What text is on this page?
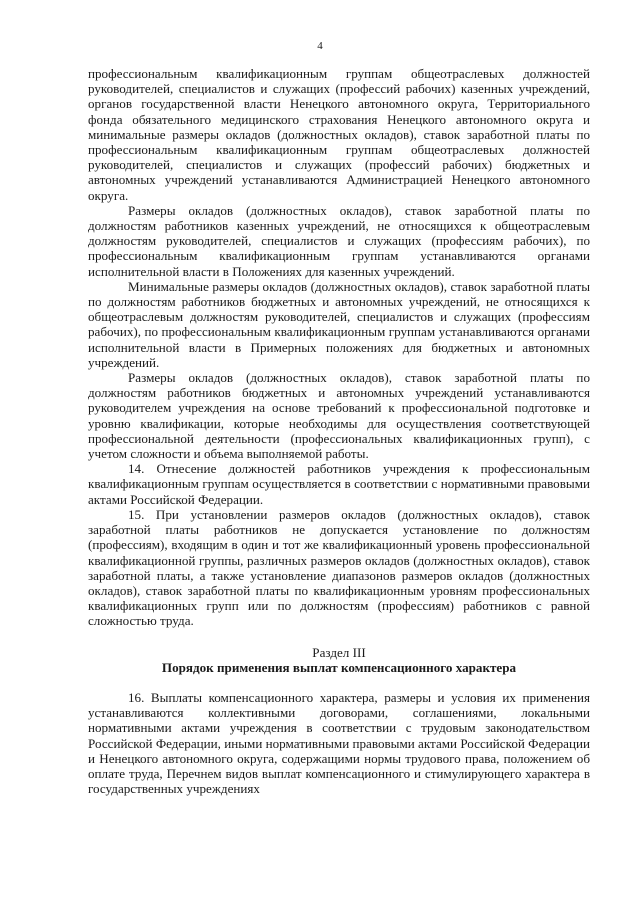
4

профессиональным квалификационным группам общеотраслевых должностей руководителей, специалистов и служащих (профессий рабочих) казенных учреждений, органов государственной власти Ненецкого автономного округа, Территориального фонда обязательного медицинского страхования Ненецкого автономного округа и минимальные размеры окладов (должностных окладов), ставок заработной платы по профессиональным квалификационным группам общеотраслевых должностей руководителей, специалистов и служащих (профессий рабочих) бюджетных и автономных учреждений устанавливаются Администрацией Ненецкого автономного округа.

Размеры окладов (должностных окладов), ставок заработной платы по должностям работников казенных учреждений, не относящихся к общеотраслевым должностям руководителей, специалистов и служащих (профессиям рабочих), по профессиональным квалификационным группам устанавливаются органами исполнительной власти в Положениях для казенных учреждений.

Минимальные размеры окладов (должностных окладов), ставок заработной платы по должностям работников бюджетных и автономных учреждений, не относящихся к общеотраслевым должностям руководителей, специалистов и служащих (профессиям рабочих), по профессиональным квалификационным группам устанавливаются органами исполнительной власти в Примерных положениях для бюджетных и автономных учреждений.

Размеры окладов (должностных окладов), ставок заработной платы по должностям работников бюджетных и автономных учреждений устанавливаются руководителем учреждения на основе требований к профессиональной подготовке и уровню квалификации, которые необходимы для осуществления соответствующей профессиональной деятельности (профессиональных квалификационных групп), с учетом сложности и объема выполняемой работы.

14. Отнесение должностей работников учреждения к профессиональным квалификационным группам осуществляется в соответствии с нормативными правовыми актами Российской Федерации.

15. При установлении размеров окладов (должностных окладов), ставок заработной платы работников не допускается установление по должностям (профессиям), входящим в один и тот же квалификационный уровень профессиональной квалификационной группы, различных размеров окладов (должностных окладов), ставок заработной платы, а также установление диапазонов размеров окладов (должностных окладов), ставок заработной платы по квалификационным уровням профессиональных квалификационных групп или по должностям (профессиям) работников с равной сложностью труда.

Раздел III

Порядок применения выплат компенсационного характера

16. Выплаты компенсационного характера, размеры и условия их применения устанавливаются коллективными договорами, соглашениями, локальными нормативными актами учреждения в соответствии с трудовым законодательством Российской Федерации, иными нормативными правовыми актами Российской Федерации и Ненецкого автономного округа, содержащими нормы трудового права, положением об оплате труда, Перечнем видов выплат компенсационного и стимулирующего характера в государственных учреждениях
